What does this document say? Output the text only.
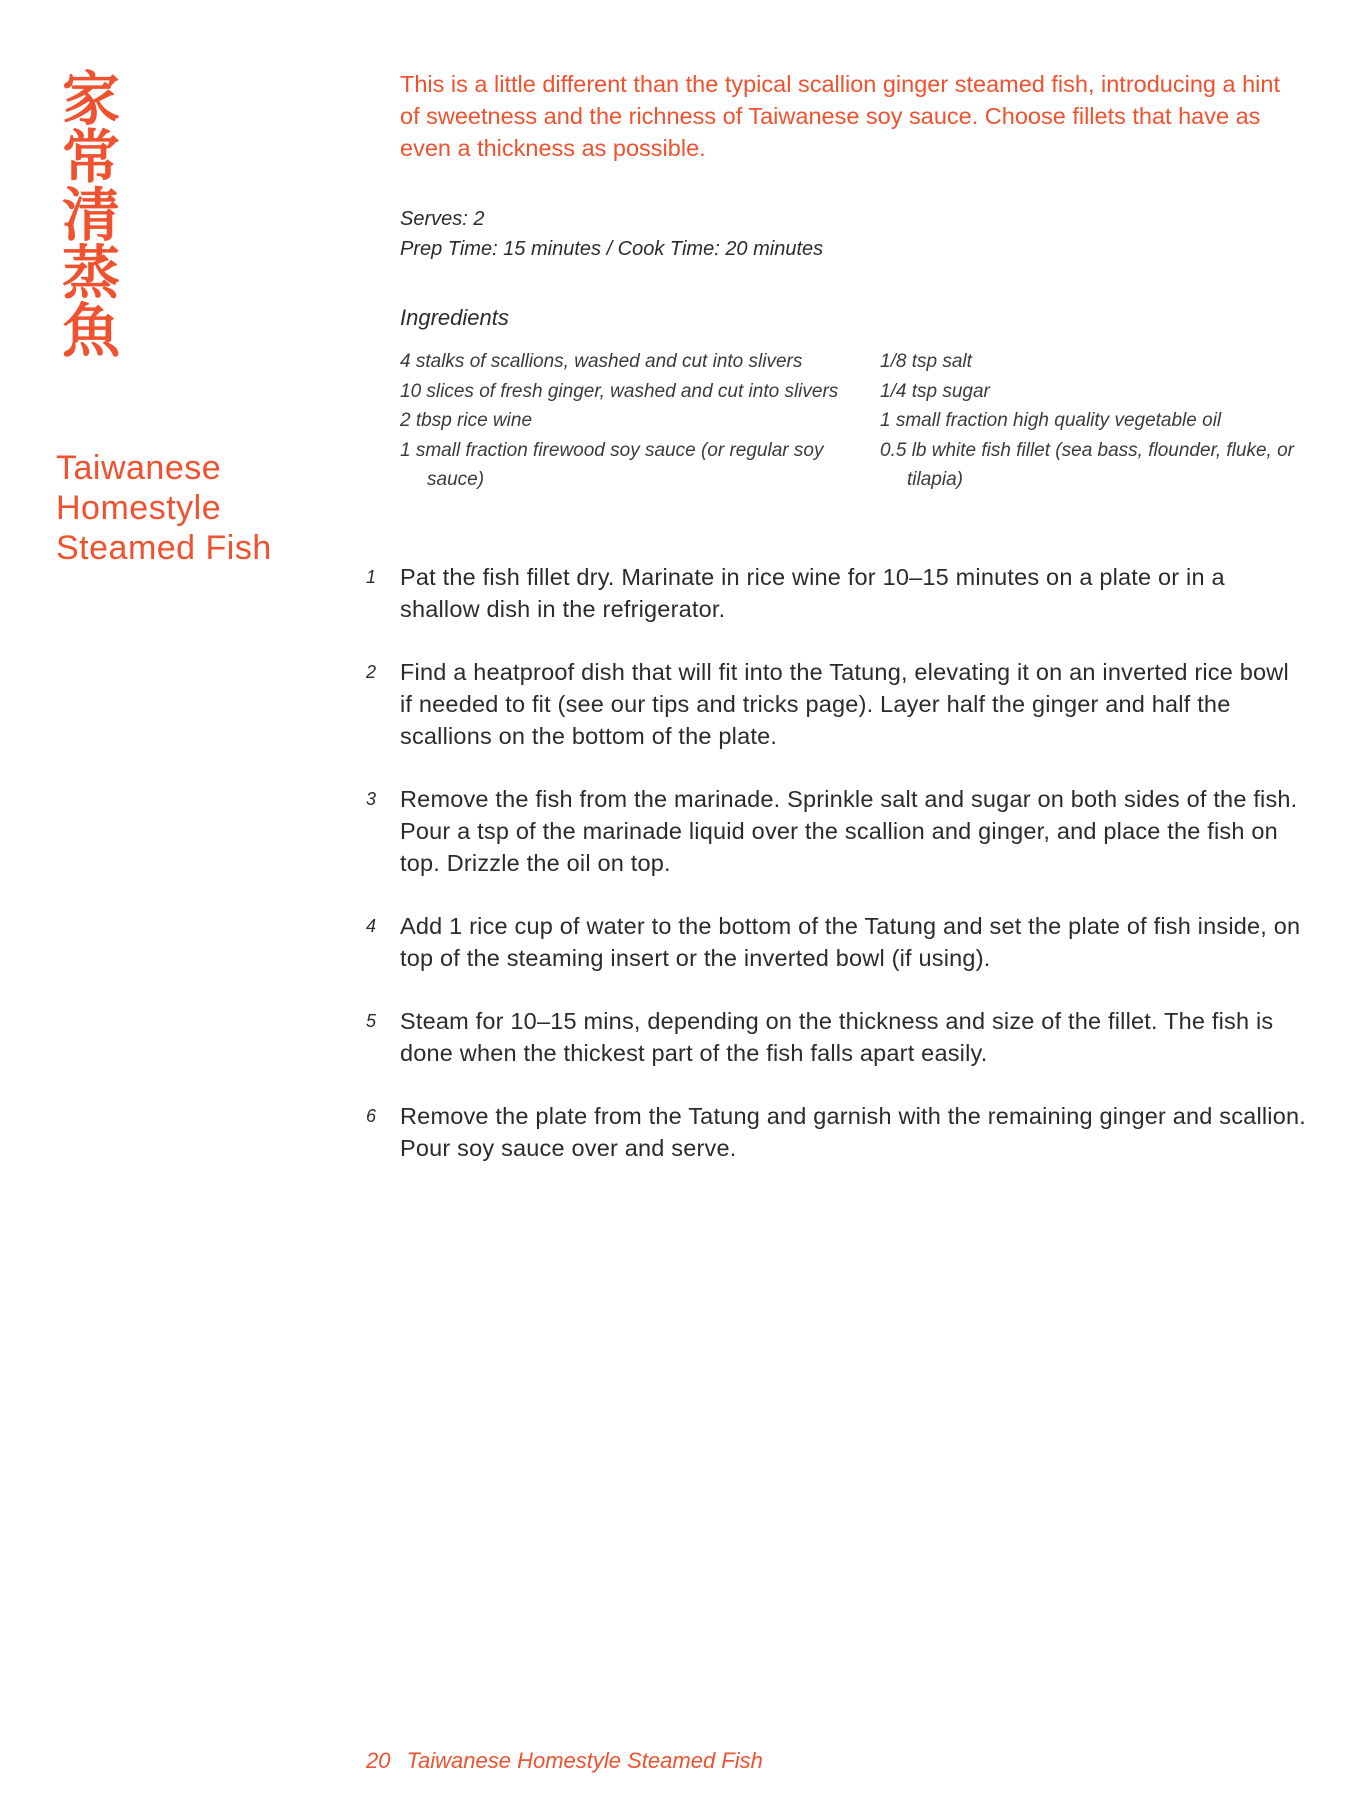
家常清蒸魚
Taiwanese
Homestyle
Steamed Fish

This is a little different than the typical scallion ginger steamed fish, introducing a hint of sweetness and the richness of Taiwanese soy sauce. Choose fillets that have as even a thickness as possible.

Serves: 2
Prep Time: 15 minutes / Cook Time: 20 minutes
Ingredients
4 stalks of scallions, washed and cut into slivers
10 slices of fresh ginger, washed and cut into slivers
2 tbsp rice wine
1 small fraction firewood soy sauce (or regular soy sauce)
1/8 tsp salt
1/4 tsp sugar
1 small fraction high quality vegetable oil
0.5 lb white fish fillet (sea bass, flounder, fluke, or tilapia)
1	Pat the fish fillet dry. Marinate in rice wine for 10–15 minutes on a plate or in a shallow dish in the refrigerator.
2	Find a heatproof dish that will fit into the Tatung, elevating it on an inverted rice bowl if needed to fit (see our tips and tricks page). Layer half the ginger and half the scallions on the bottom of the plate.
3	Remove the fish from the marinade. Sprinkle salt and sugar on both sides of the fish. Pour a tsp of the marinade liquid over the scallion and ginger, and place the fish on top. Drizzle the oil on top.
4	Add 1 rice cup of water to the bottom of the Tatung and set the plate of fish inside, on top of the steaming insert or the inverted bowl (if using).
5	Steam for 10–15 mins, depending on the thickness and size of the fillet. The fish is done when the thickest part of the fish falls apart easily.
6	Remove the plate from the Tatung and garnish with the remaining ginger and scallion. Pour soy sauce over and serve.
20 Taiwanese Homestyle Steamed Fish
